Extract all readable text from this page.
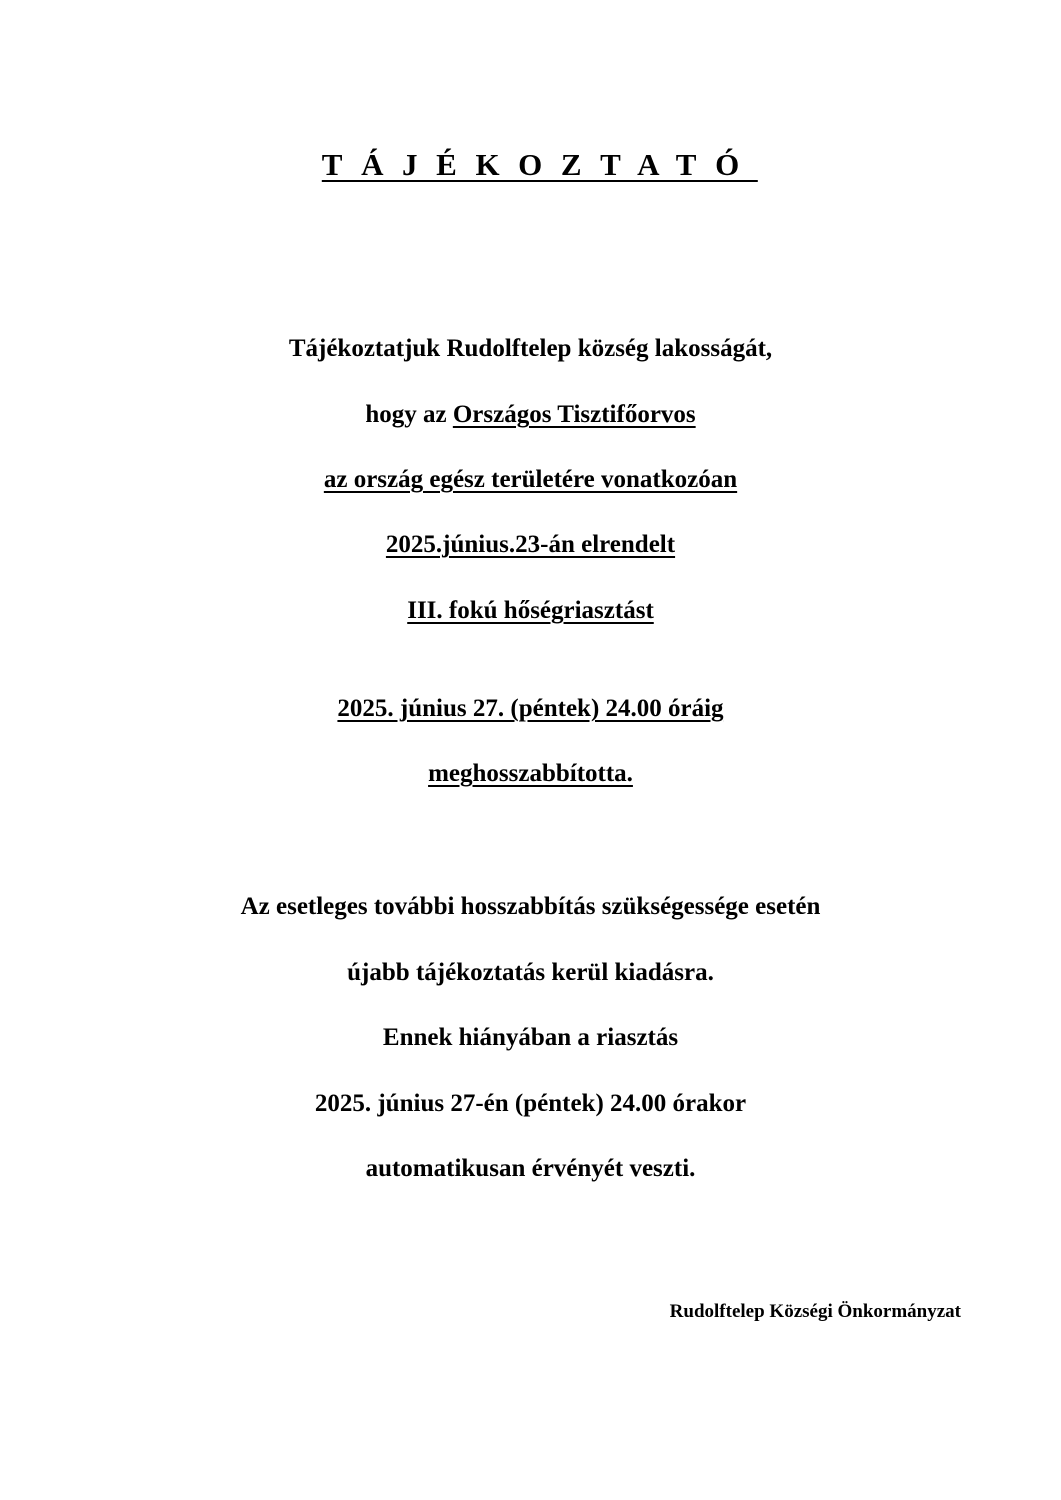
TÁJÉKOZTATÓ
Tájékoztatjuk Rudolftelep község lakosságát,
hogy az Országos Tisztifőorvos
az ország egész területére vonatkozóan
2025.június.23-án elrendelt
III. fokú hőségriasztást
2025. június 27. (péntek) 24.00 óráig
meghosszabbította.
Az esetleges további hosszabbítás szükségessége esetén
újabb tájékoztatás kerül kiadásra.
Ennek hiányában a riasztás
2025. június 27-én (péntek) 24.00 órakor
automatikusan érvényét veszti.
Rudolftelep Községi Önkormányzat
